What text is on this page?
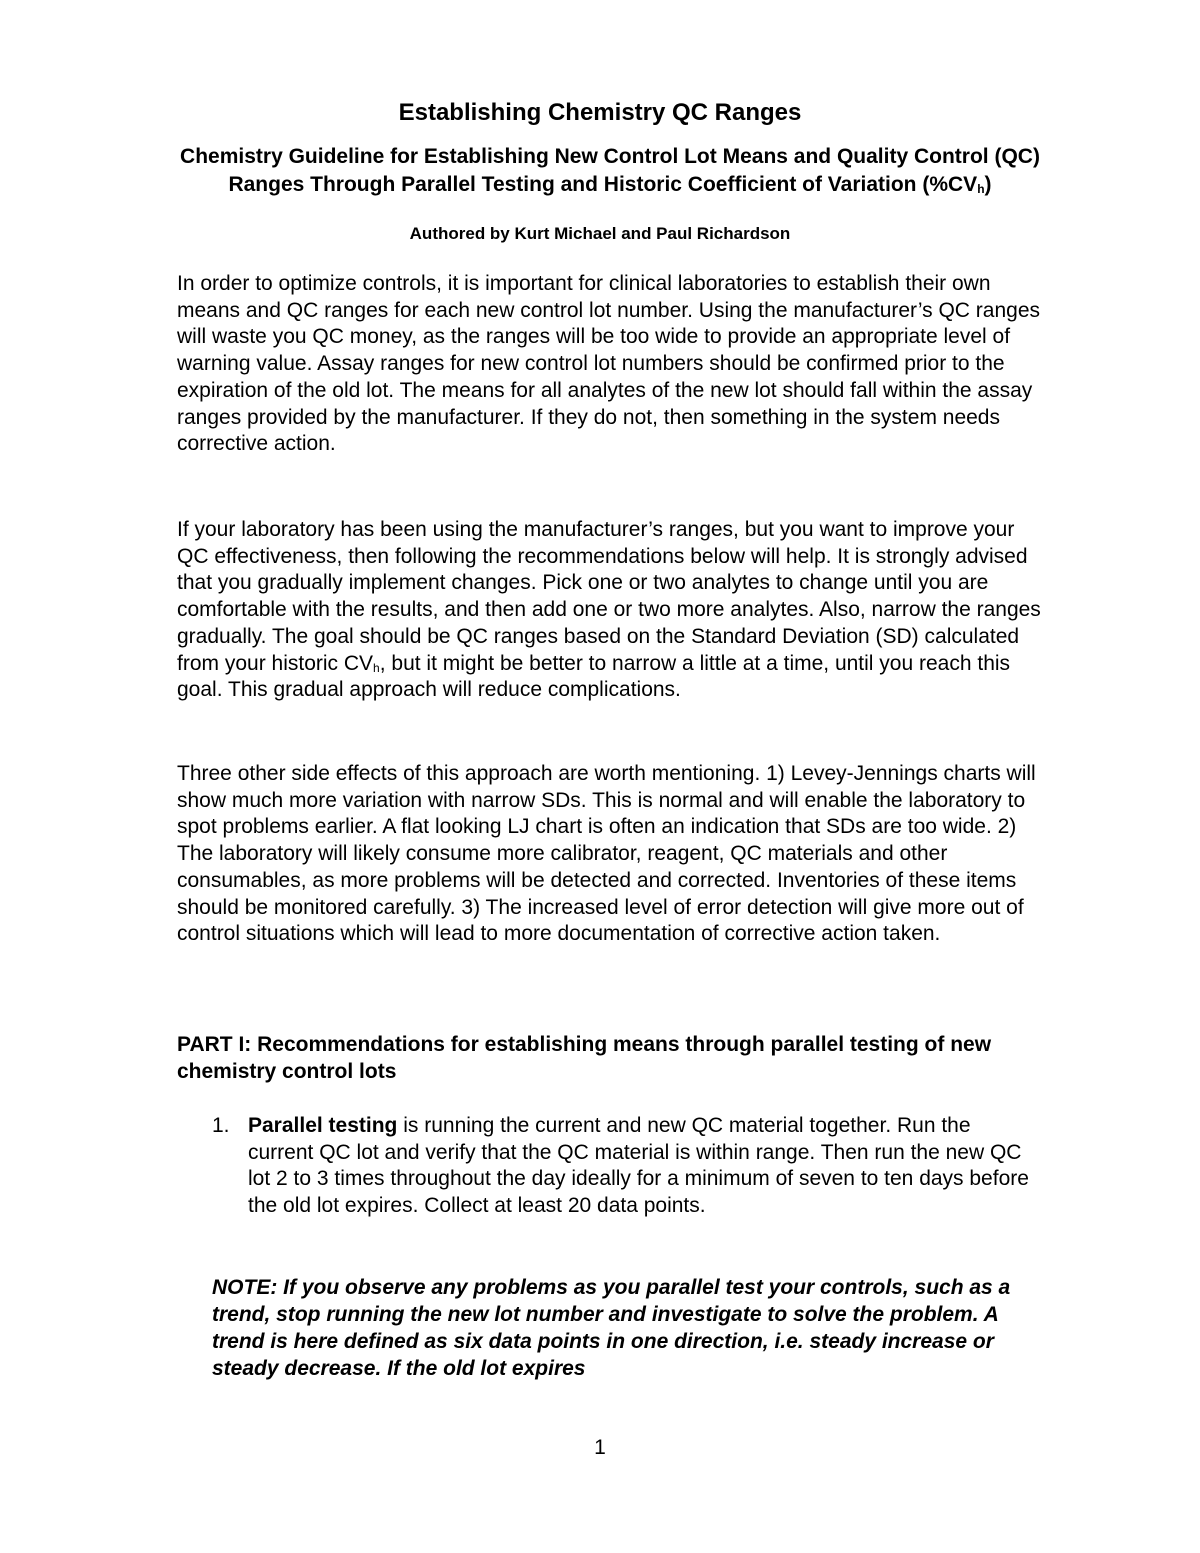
Establishing Chemistry QC Ranges
Chemistry Guideline for Establishing New Control Lot Means and Quality Control (QC) Ranges Through Parallel Testing and Historic Coefficient of Variation $(\%CV_h)$
Authored by Kurt Michael and Paul Richardson

In order to optimize controls, it is important for clinical laboratories to establish their own means and QC ranges for each new control lot number. Using the manufacturer’s QC ranges will waste you QC money, as the ranges will be too wide to provide an appropriate level of warning value. Assay ranges for new control lot numbers should be confirmed prior to the expiration of the old lot. The means for all analytes of the new lot should fall within the assay ranges provided by the manufacturer. If they do not, then something in the system needs corrective action.

If your laboratory has been using the manufacturer’s ranges, but you want to improve your QC effectiveness, then following the recommendations below will help. It is strongly advised that you gradually implement changes. Pick one or two analytes to change until you are comfortable with the results, and then add one or two more analytes. Also, narrow the ranges gradually. The goal should be QC ranges based on the Standard Deviation (SD) calculated from your historic $CV_h$, but it might be better to narrow a little at a time, until you reach this goal. This gradual approach will reduce complications.

Three other side effects of this approach are worth mentioning. 1) Levey-Jennings charts will show much more variation with narrow SDs. This is normal and will enable the laboratory to spot problems earlier. A flat looking LJ chart is often an indication that SDs are too wide. 2) The laboratory will likely consume more calibrator, reagent, QC materials and other consumables, as more problems will be detected and corrected. Inventories of these items should be monitored carefully. 3) The increased level of error detection will give more out of control situations which will lead to more documentation of corrective action taken.

PART I: Recommendations for establishing means through parallel testing of new chemistry control lots
1. Parallel testing is running the current and new QC material together. Run the current QC lot and verify that the QC material is within range. Then run the new QC lot 2 to 3 times throughout the day ideally for a minimum of seven to ten days before the old lot expires. Collect at least 20 data points.
NOTE: If you observe any problems as you parallel test your controls, such as a trend, stop running the new lot number and investigate to solve the problem. A trend is here defined as six data points in one direction, i.e. steady increase or steady decrease. If the old lot expires
1
